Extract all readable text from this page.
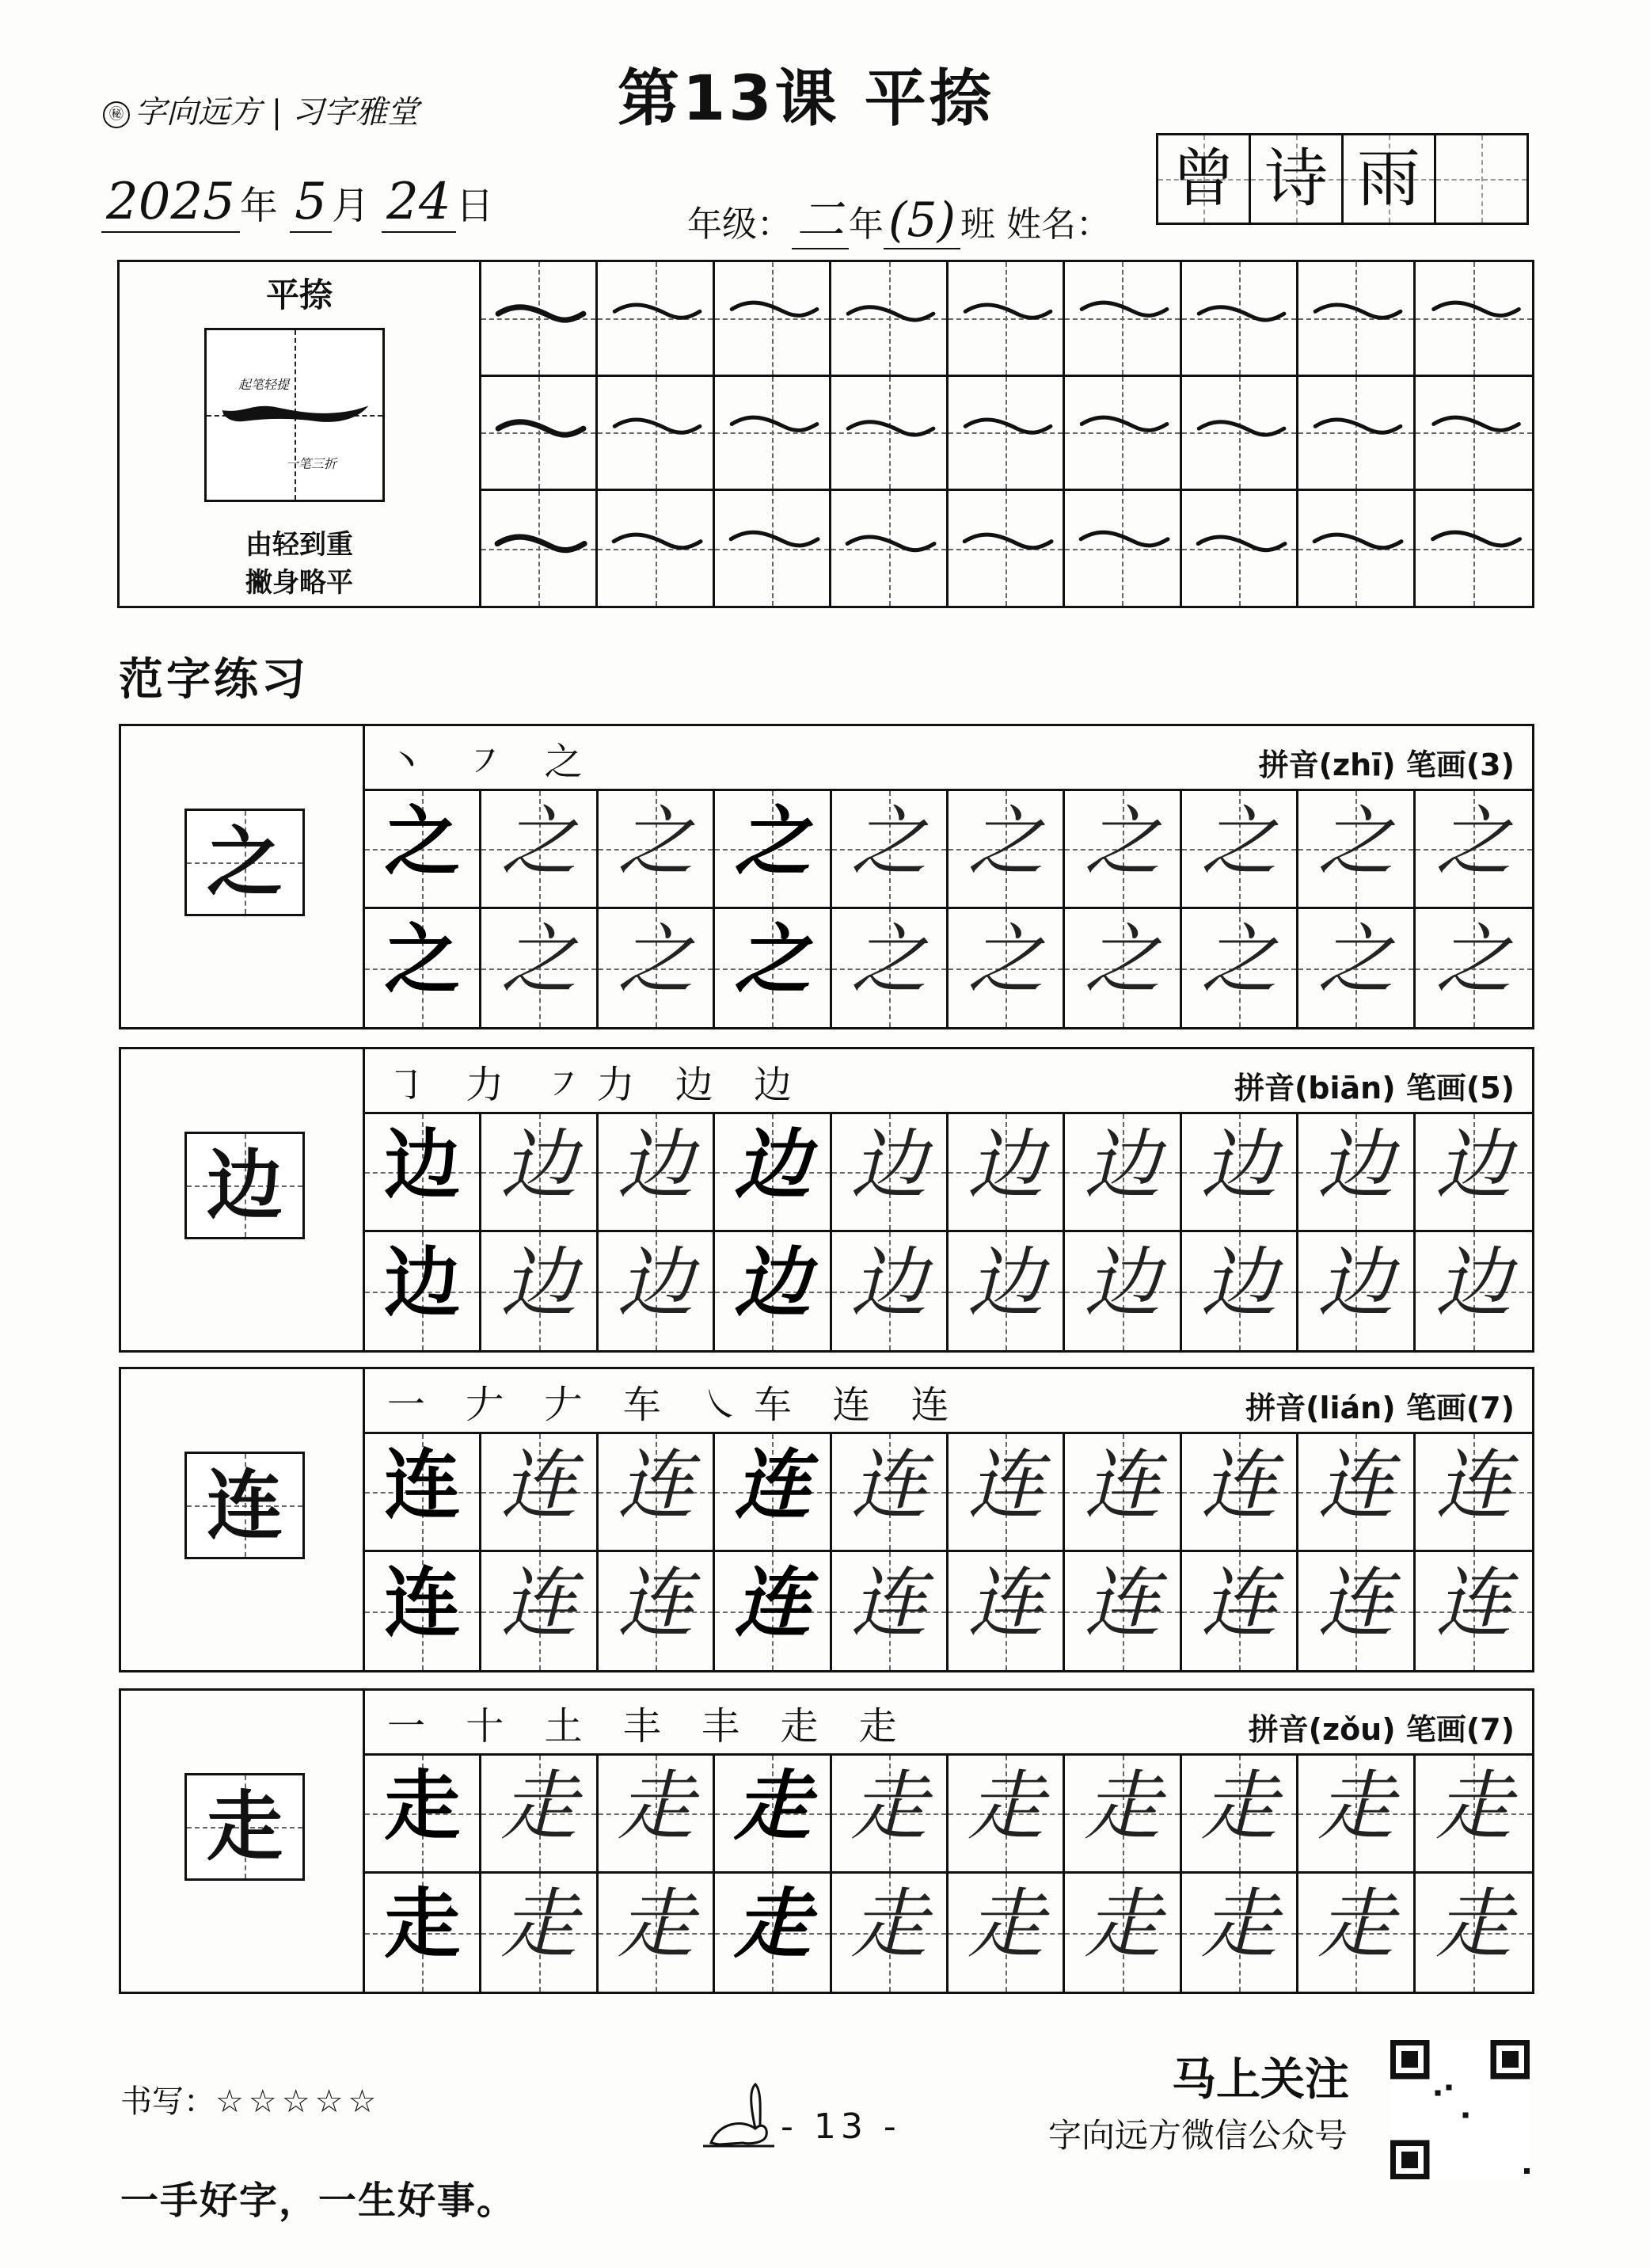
㊙ 字向远方 | 习字雅堂	第13课 平捺
2025 年 5 月 24 日	年级： 二 年 (5) 班 姓名：
曾 诗 雨
平捺
起笔轻提
一笔三折
由轻到重
撇身略平
范字练习
之
丶 ㇇ 之	拼音(zhī) 笔画(3)
之 之 之 之 之 之 之 之 之 之
之 之 之 之 之 之 之 之 之 之
边
㇆ 力 ㇇力 边 边	拼音(biān) 笔画(5)
边 边 边 边 边 边 边 边 边 边
边 边 边 边 边 边 边 边 边 边
连
一 𠂇 𠂇 车 ㇏车 连 连	拼音(lián) 笔画(7)
连 连 连 连 连 连 连 连 连 连
连 连 连 连 连 连 连 连 连 连
走
一 十 土 丰 丰 走 走	拼音(zǒu) 笔画(7)
走 走 走 走 走 走 走 走 走 走
走 走 走 走 走 走 走 走 走 走
书写：☆☆☆☆☆
一手好字，一生好事。
- 13 -
马上关注
字向远方微信公众号
